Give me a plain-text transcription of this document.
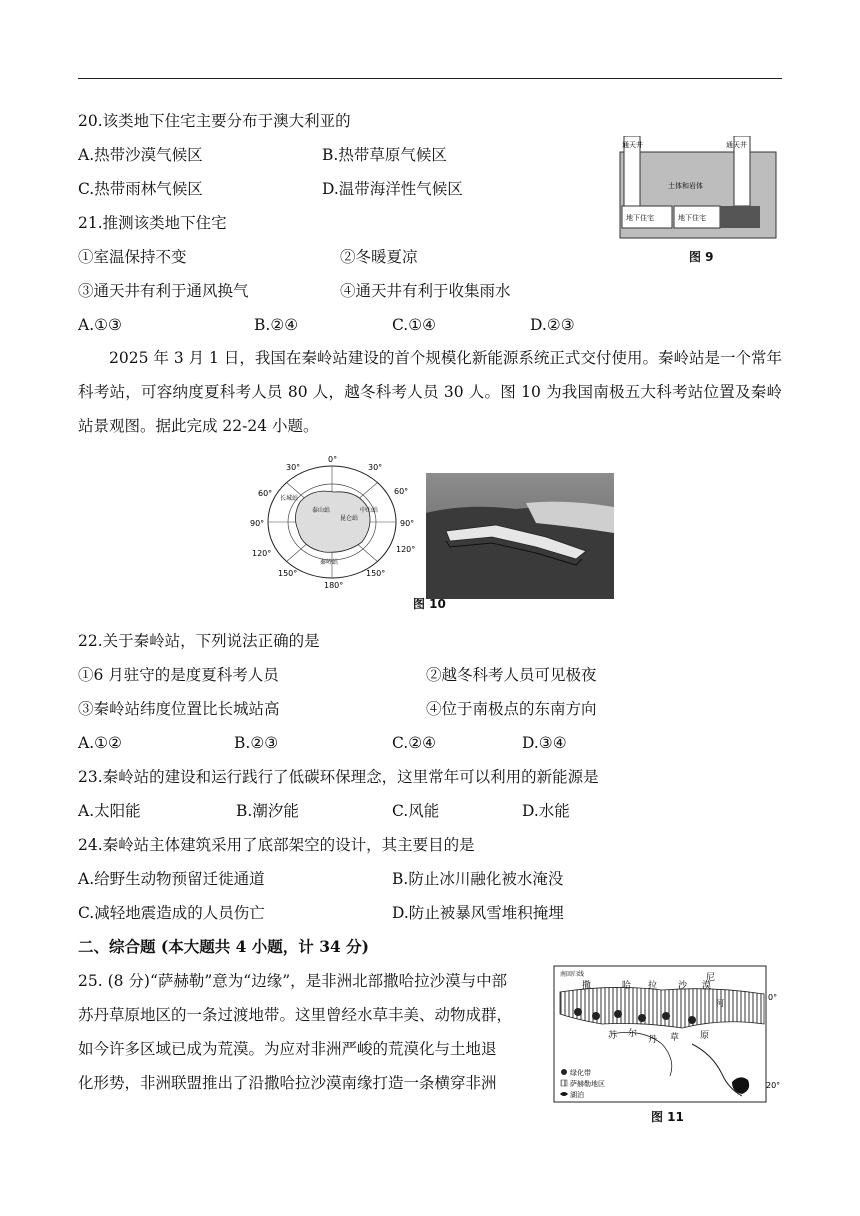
20.该类地下住宅主要分布于澳大利亚的
A.热带沙漠气候区	B.热带草原气候区
C.热带雨林气候区	D.温带海洋性气候区
通天井	通天井
土体和岩体
地下住宅	地下住宅
图 9
21.推测该类地下住宅
①室温保持不变	②冬暖夏凉
③通天井有利于通风换气	④通天井有利于收集雨水
A.①③	B.②④	C.①④	D.②③
2025 年 3 月 1 日，我国在秦岭站建设的首个规模化新能源系统正式交付使用。秦岭站是一个常年科考站，可容纳度夏科考人员 80 人，越冬科考人员 30 人。图 10 为我国南极五大科考站位置及秦岭站景观图。据此完成 22-24 小题。
0°
30°	30°
60°	60°
90°	90°
120°	120°
150°	150°
180°
长城站
中山站
秦岭站
昆仑站
泰山站
图 10
22.关于秦岭站，下列说法正确的是
①6 月驻守的是度夏科考人员	②越冬科考人员可见极夜
③秦岭站纬度位置比长城站高	④位于南极点的东南方向
A.①②	B.②③	C.②④	D.③④
23.秦岭站的建设和运行践行了低碳环保理念，这里常年可以利用的新能源是
A.太阳能	B.潮汐能	C.风能	D.水能
24.秦岭站主体建筑采用了底部架空的设计，其主要目的是
A.给野生动物预留迁徙通道	B.防止冰川融化被水淹没
C.减轻地震造成的人员伤亡	D.防止被暴风雪堆积掩埋
二、综合题 (本大题共 4 小题，计 34 分)
25. (8 分)“萨赫勒”意为“边缘”，是非洲北部撒哈拉沙漠与中部
苏丹草原地区的一条过渡地带。这里曾经水草丰美、动物成群，
如今许多区域已成为荒漠。为应对非洲严峻的荒漠化与土地退
化形势，非洲联盟推出了沿撒哈拉沙漠南缘打造一条横穿非洲
南回归线	尼
撒	哈 拉 沙 漠
苏 尔
丹 草 原
河
0°
20°
绿化带
萨赫勒地区
湖泊
图 11
